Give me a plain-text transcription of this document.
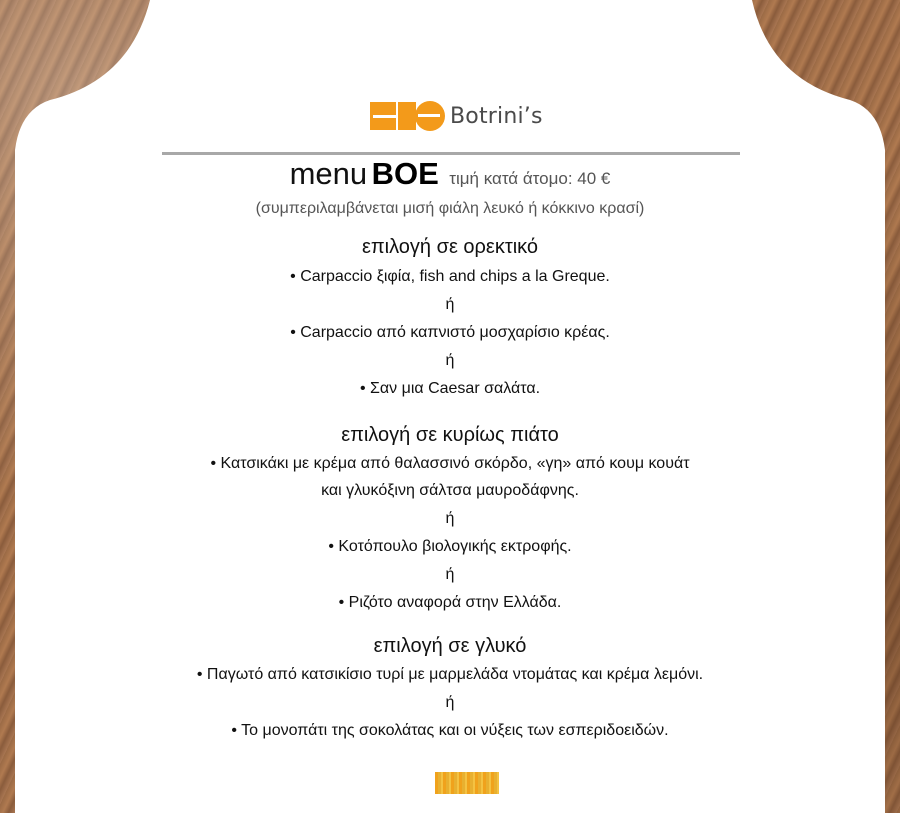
Botrini’s
menu BOE τιμή κατά άτομο: 40 €
(συμπεριλαμβάνεται μισή φιάλη λευκό ή κόκκινο κρασί)
επιλογή σε ορεκτικό
• Carpaccio ξιφία, fish and chips a la Greque.
ή
• Carpaccio από καπνιστό μοσχαρίσιο κρέας.
ή
• Σαν μια Caesar σαλάτα.
επιλογή σε κυρίως πιάτο
• Κατσικάκι με κρέμα από θαλασσινό σκόρδο, «γη» από κουμ κουάτ
και γλυκόξινη σάλτσα μαυροδάφνης.
ή
• Κοτόπουλο βιολογικής εκτροφής.
ή
• Ριζότο αναφορά στην Ελλάδα.
επιλογή σε γλυκό
• Παγωτό από κατσικίσιο τυρί με μαρμελάδα ντομάτας και κρέμα λεμόνι.
ή
• Το μονοπάτι της σοκολάτας και οι νύξεις των εσπεριδοειδών.
